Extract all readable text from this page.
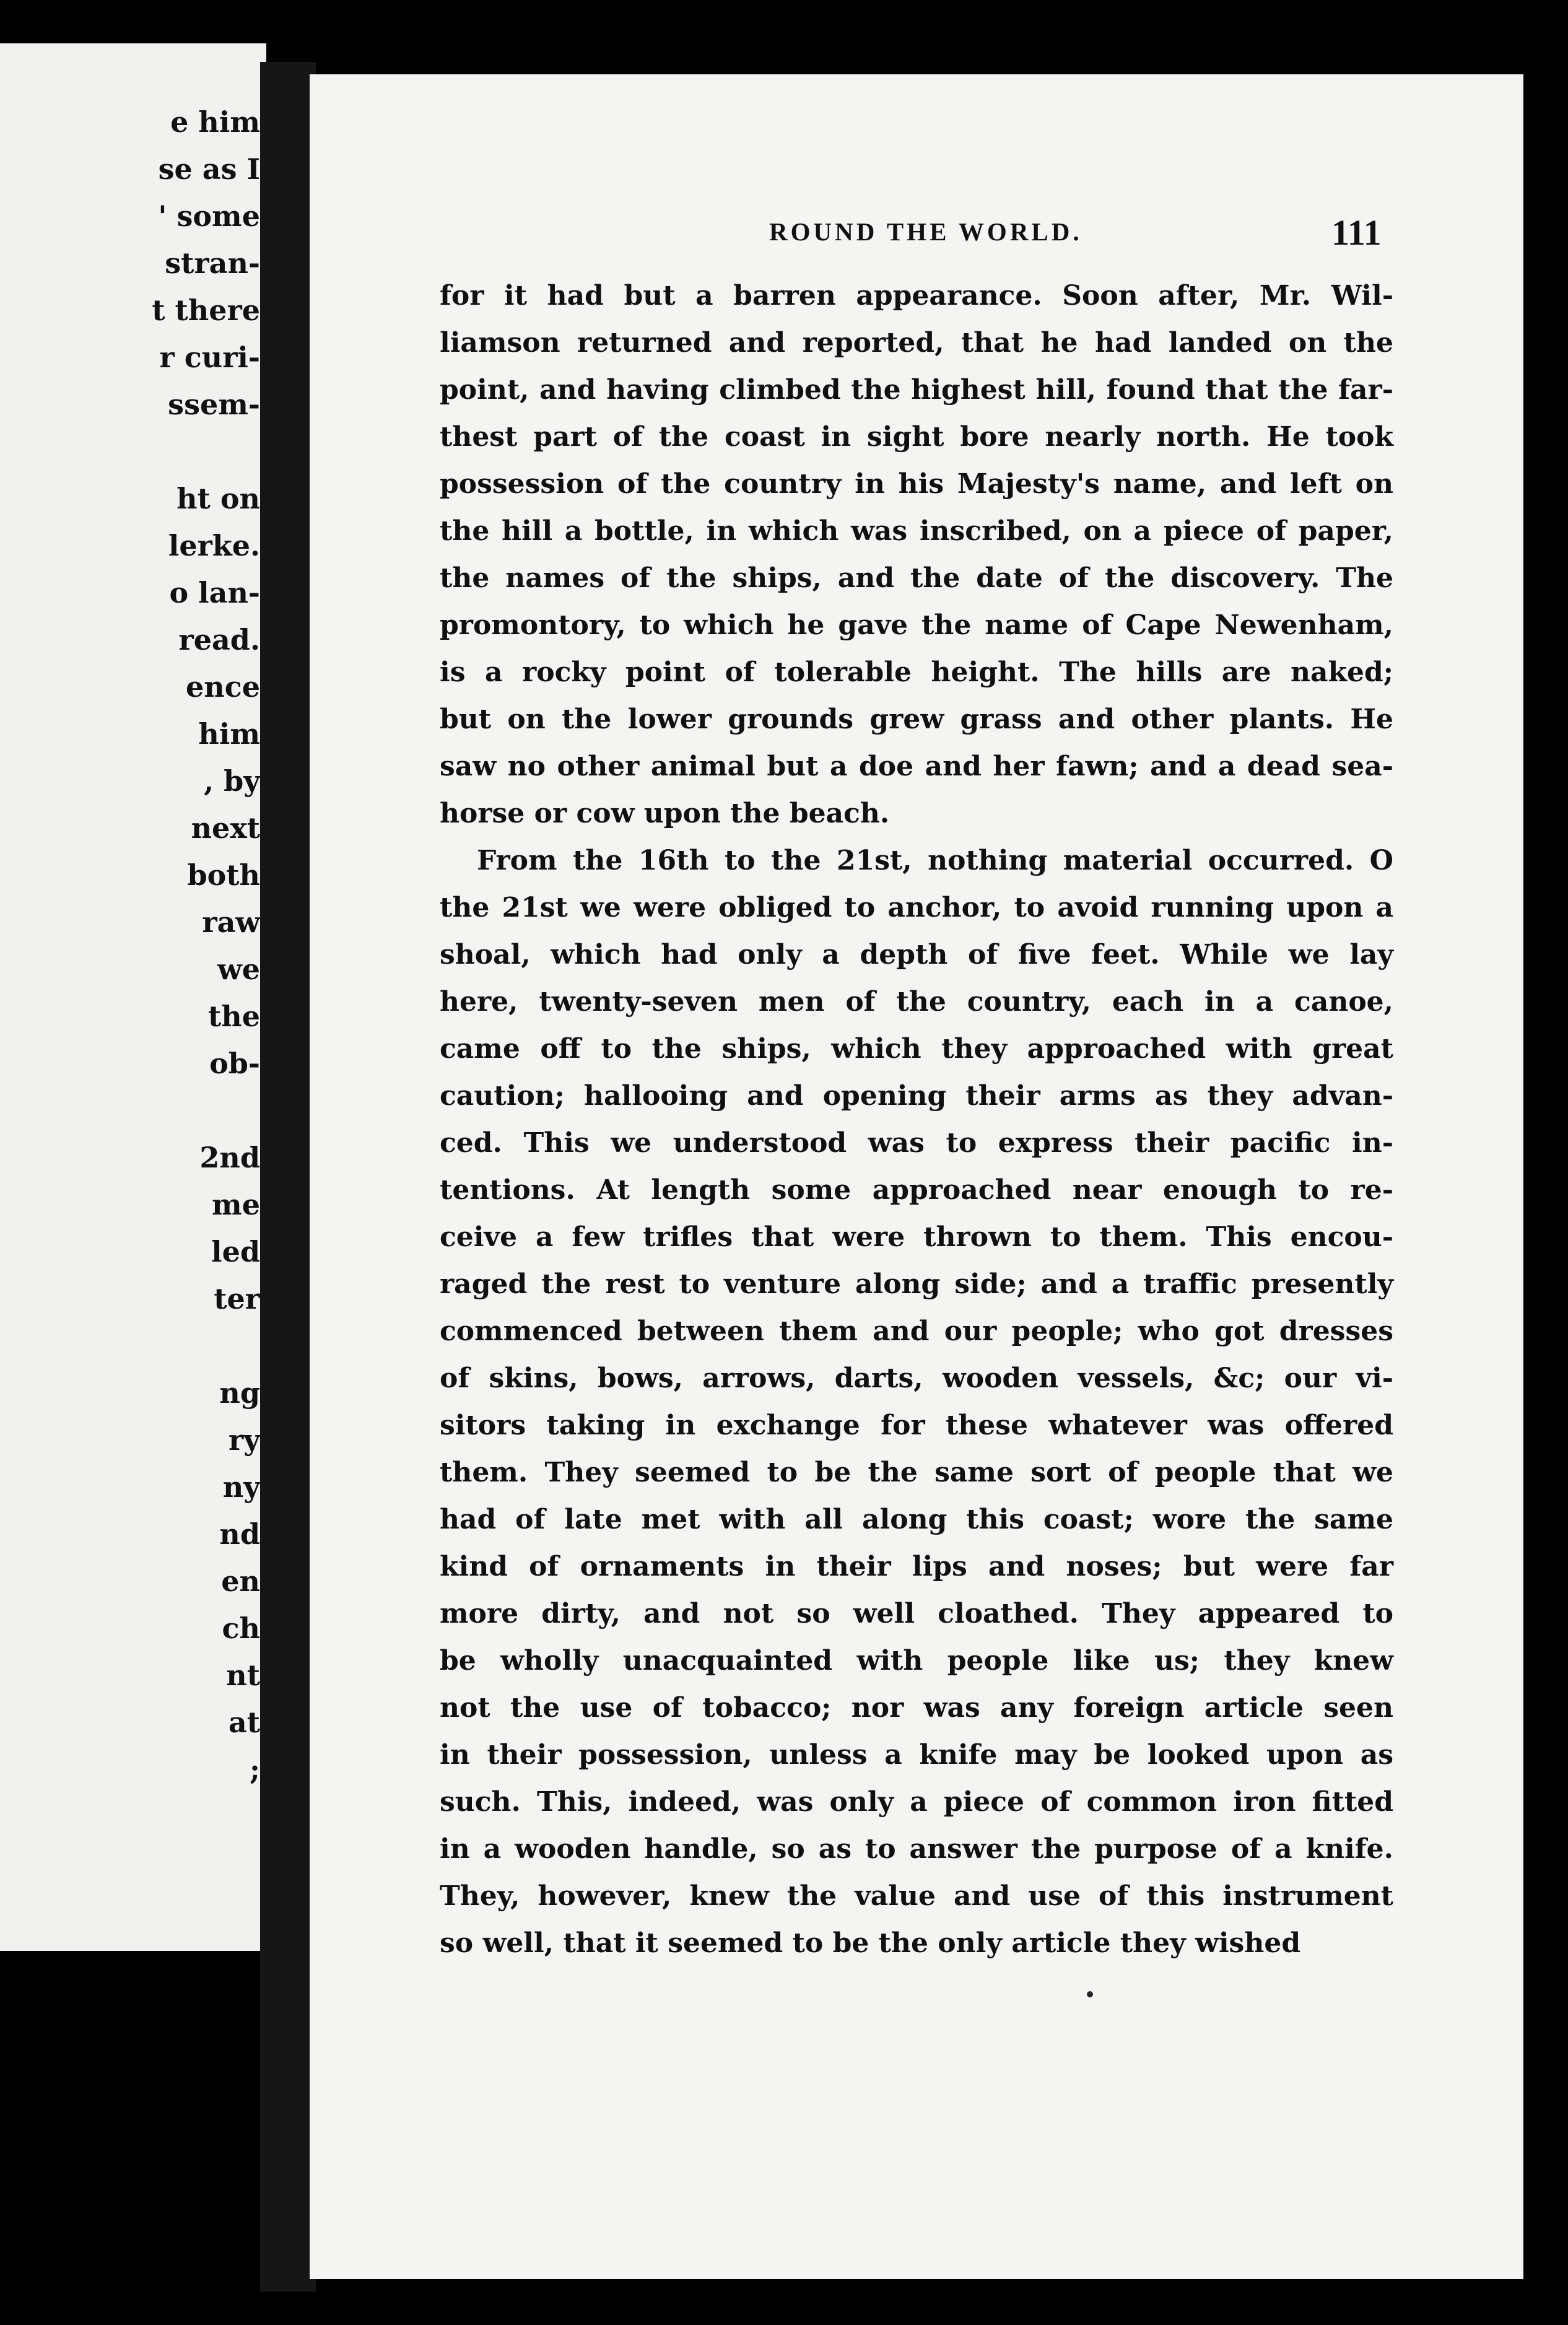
e him
se as I
' some
stran-
t there
r curi-
ssem-
ht on
lerke.
o lan-
read.
ence
him
, by
next
both
raw
we
the
ob-
2nd
me
led
ter
ng
ry
ny
nd
en
ch
nt
at
;
ROUND THE WORLD.	111
for it had but a barren appearance. Soon after, Mr. Wil-
liamson returned and reported, that he had landed on the
point, and having climbed the highest hill, found that the far-
thest part of the coast in sight bore nearly north. He took
possession of the country in his Majesty's name, and left on
the hill a bottle, in which was inscribed, on a piece of paper,
the names of the ships, and the date of the discovery. The
promontory, to which he gave the name of Cape Newenham,
is a rocky point of tolerable height. The hills are naked;
but on the lower grounds grew grass and other plants. He
saw no other animal but a doe and her fawn; and a dead sea-
horse or cow upon the beach.
From the 16th to the 21st, nothing material occurred. O
the 21st we were obliged to anchor, to avoid running upon a
shoal, which had only a depth of five feet. While we lay
here, twenty-seven men of the country, each in a canoe,
came off to the ships, which they approached with great
caution; hallooing and opening their arms as they advan-
ced. This we understood was to express their pacific in-
tentions. At length some approached near enough to re-
ceive a few trifles that were thrown to them. This encou-
raged the rest to venture along side; and a traffic presently
commenced between them and our people; who got dresses
of skins, bows, arrows, darts, wooden vessels, &c; our vi-
sitors taking in exchange for these whatever was offered
them. They seemed to be the same sort of people that we
had of late met with all along this coast; wore the same
kind of ornaments in their lips and noses; but were far
more dirty, and not so well cloathed. They appeared to
be wholly unacquainted with people like us; they knew
not the use of tobacco; nor was any foreign article seen
in their possession, unless a knife may be looked upon as
such. This, indeed, was only a piece of common iron fitted
in a wooden handle, so as to answer the purpose of a knife.
They, however, knew the value and use of this instrument
so well, that it seemed to be the only article they wished
